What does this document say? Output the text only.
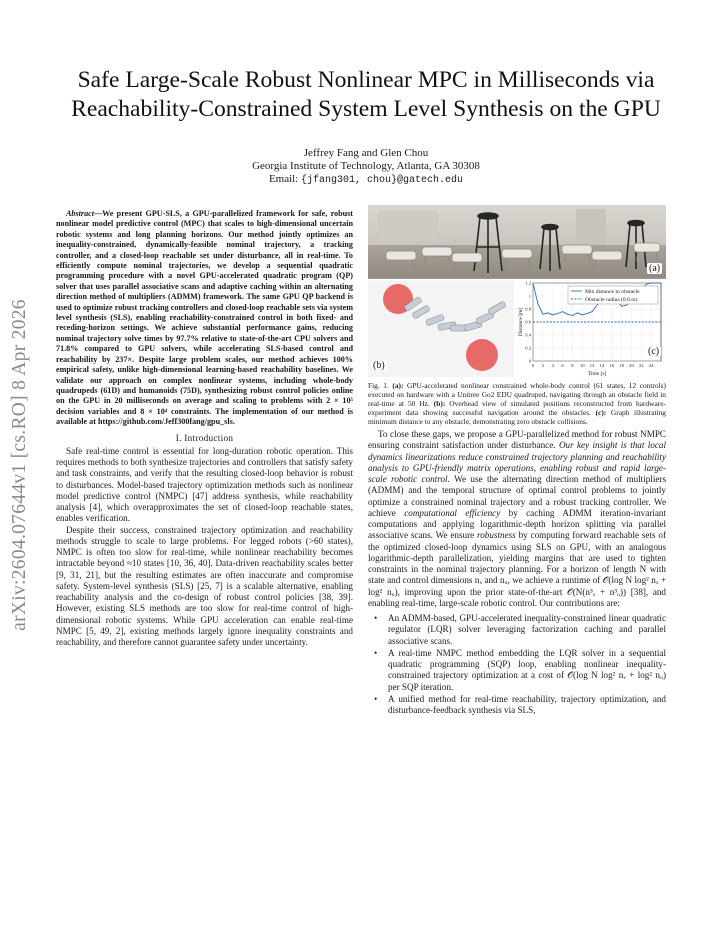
arXiv:2604.07644v1 [cs.RO] 8 Apr 2026
Safe Large-Scale Robust Nonlinear MPC in Milliseconds via
Reachability-Constrained System Level Synthesis on the GPU
Jeffrey Fang and Glen Chou
Georgia Institute of Technology, Atlanta, GA 30308
Email: {jfang301, chou}@gatech.edu

Abstract—We present GPU-SLS, a GPU-parallelized framework for safe, robust nonlinear model predictive control (MPC) that scales to high-dimensional uncertain robotic systems and long planning horizons. Our method jointly optimizes an inequality-constrained, dynamically-feasible nominal trajectory, a tracking controller, and a closed-loop reachable set under disturbance, all in real-time. To efficiently compute nominal trajectories, we develop a sequential quadratic programming procedure with a novel GPU-accelerated quadratic program (QP) solver that uses parallel associative scans and adaptive caching within an alternating direction method of multipliers (ADMM) framework. The same GPU QP backend is used to optimize robust tracking controllers and closed-loop reachable sets via system level synthesis (SLS), enabling reachability-constrained control in both fixed- and receding-horizon settings. We achieve substantial performance gains, reducing nominal trajectory solve times by 97.7% relative to state-of-the-art CPU solvers and 71.8% compared to GPU solvers, while accelerating SLS-based control and reachability by 237×. Despite large problem scales, our method achieves 100% empirical safety, unlike high-dimensional learning-based reachability baselines. We validate our approach on complex nonlinear systems, including whole-body quadrupeds (61D) and humanoids (75D), synthesizing robust control policies online on the GPU in 20 milliseconds on average and scaling to problems with 2 × 10⁵ decision variables and 8 × 10⁴ constraints. The implementation of our method is available at https://github.com/Jeff300fang/gpu_sls.

I. Introduction

Safe real-time control is essential for long-duration robotic operation. This requires methods to both synthesize trajectories and controllers that satisfy safety and task constraints, and verify that the resulting closed-loop behavior is robust to disturbances. Model-based trajectory optimization methods such as nonlinear model predictive control (NMPC) [47] address synthesis, while reachability analysis [4], which overapproximates the set of closed-loop reachable states, enables verification.

Despite their success, constrained trajectory optimization and reachability methods struggle to scale to large problems. For legged robots (>60 states), NMPC is often too slow for real-time, while nonlinear reachability becomes intractable beyond ≈10 states [10, 36, 40]. Data-driven reachability scales better [9, 31, 21], but the resulting estimates are often inaccurate and compromise safety. System-level synthesis (SLS) [25, 7] is a scalable alternative, enabling reachability analysis and the co-design of robust control policies [38, 39]. However, existing SLS methods are too slow for real-time control of high-dimensional robotic systems. While GPU acceleration can enable real-time NMPC [5, 49, 2], existing methods largely ignore inequality constraints and reachability, and therefore cannot guarantee safety under uncertainty.

0 2 4 6 8 10 12 14 16 18 20 22 24
0
0.2
0.4
0.6
0.8
1
1.2
Time [s]
Distance [m]
Min distance to obstacle
Obstacle radius (0.6 m)
(a)
(b)
(c)
Fig. 1. (a): GPU-accelerated nonlinear constrained whole-body control (61 states, 12 controls) executed on hardware with a Unitree Go2 EDU quadruped, navigating through an obstacle field in real-time at 50 Hz. (b): Overhead view of simulated positions reconstructed from hardware-experiment data showing successful navigation around the obstacles. (c): Graph illustrating minimum distance to any obstacle, demonstrating zero obstacle collisions.

To close these gaps, we propose a GPU-parallelized method for robust NMPC ensuring constraint satisfaction under disturbance. Our key insight is that local dynamics linearizations reduce constrained trajectory planning and reachability analysis to GPU-friendly matrix operations, enabling robust and rapid large-scale robotic control. We use the alternating direction method of multipliers (ADMM) and the temporal structure of optimal control problems to jointly optimize a constrained nominal trajectory and a robust tracking controller. We achieve computational efficiency by caching ADMM iteration-invariant computations and applying logarithmic-depth horizon splitting via parallel associative scans. We ensure robustness by computing forward reachable sets of the optimized closed-loop dynamics using SLS on GPU, with an analogous logarithmic-depth parallelization, yielding margins that are used to tighten constraints in the nominal trajectory planning. For a horizon of length N with state and control dimensions nₓ and nᵤ, we achieve a runtime of 𝒪(log N log² nₓ + log² nᵤ), improving upon the prior state-of-the-art 𝒪(N(n³ₓ + n³ᵤ)) [38], and enabling real-time, large-scale robotic control. Our contributions are:

• An ADMM-based, GPU-accelerated inequality-constrained linear quadratic regulator (LQR) solver leveraging factorization caching and parallel associative scans.
• A real-time NMPC method embedding the LQR solver in a sequential quadratic programming (SQP) loop, enabling nonlinear inequality-constrained trajectory optimization at a cost of 𝒪(log N log² nₓ + log² nᵤ) per SQP iteration.
• A unified method for real-time reachability, trajectory optimization, and disturbance-feedback synthesis via SLS,
